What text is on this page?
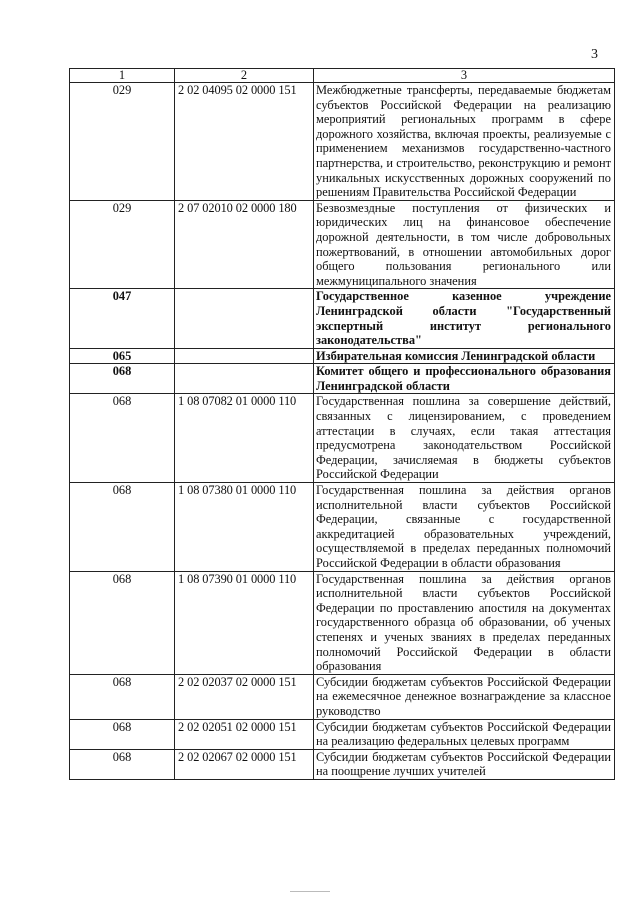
3
1	2	3
029	2 02 04095 02 0000 151	Межбюджетные трансферты, передаваемые бюджетам субъектов Российской Федерации на реализацию мероприятий региональных программ в сфере дорожного хозяйства, включая проекты, реализуемые с применением механизмов государственно-частного партнерства, и строительство, реконструкцию и ремонт уникальных искусственных дорожных сооружений по решениям Правительства Российской Федерации
029	2 07 02010 02 0000 180	Безвозмездные поступления от физических и юридических лиц на финансовое обеспечение дорожной деятельности, в том числе добровольных пожертвований, в отношении автомобильных дорог общего пользования регионального или межмуниципального значения
047		Государственное казенное учреждение Ленинградской области "Государственный экспертный институт регионального законодательства"
065		Избирательная комиссия Ленинградской области
068		Комитет общего и профессионального образования Ленинградской области
068	1 08 07082 01 0000 110	Государственная пошлина за совершение действий, связанных с лицензированием, с проведением аттестации в случаях, если такая аттестация предусмотрена законодательством Российской Федерации, зачисляемая в бюджеты субъектов Российской Федерации
068	1 08 07380 01 0000 110	Государственная пошлина за действия органов исполнительной власти субъектов Российской Федерации, связанные с государственной аккредитацией образовательных учреждений, осуществляемой в пределах переданных полномочий Российской Федерации в области образования
068	1 08 07390 01 0000 110	Государственная пошлина за действия органов исполнительной власти субъектов Российской Федерации по проставлению апостиля на документах государственного образца об образовании, об ученых степенях и ученых званиях в пределах переданных полномочий Российской Федерации в области образования
068	2 02 02037 02 0000 151	Субсидии бюджетам субъектов Российской Федерации на ежемесячное денежное вознаграждение за классное руководство
068	2 02 02051 02 0000 151	Субсидии бюджетам субъектов Российской Федерации на реализацию федеральных целевых программ
068	2 02 02067 02 0000 151	Субсидии бюджетам субъектов Российской Федерации на поощрение лучших учителей
